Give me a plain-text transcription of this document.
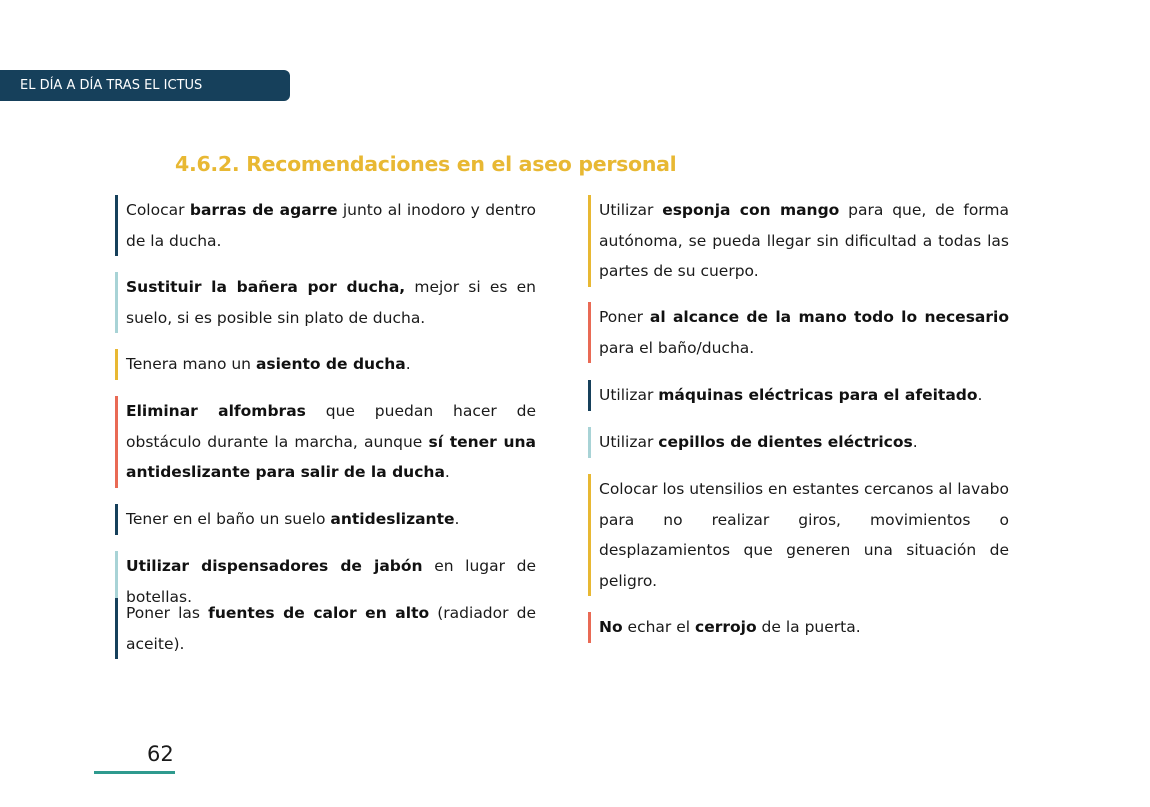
EL DÍA A DÍA TRAS EL ICTUS
4.6.2. Recomendaciones en el aseo personal
Colocar barras de agarre junto al inodoro y dentro de la ducha.
Sustituir la bañera por ducha, mejor si es en suelo, si es posible sin plato de ducha.
Tenera mano un asiento de ducha.
Eliminar alfombras que puedan hacer de obstáculo durante la marcha, aunque sí tener una antideslizante para salir de la ducha.
Tener en el baño un suelo antideslizante.
Utilizar dispensadores de jabón en lugar de botellas.
Poner las fuentes de calor en alto (radiador de aceite).
Utilizar esponja con mango para que, de forma autónoma, se pueda llegar sin dificultad a todas las partes de su cuerpo.
Poner al alcance de la mano todo lo necesario para el baño/ducha.
Utilizar máquinas eléctricas para el afeitado.
Utilizar cepillos de dientes eléctricos.
Colocar los utensilios en estantes cercanos al lavabo para no realizar giros, movimientos o desplazamientos que generen una situación de peligro.
No echar el cerrojo de la puerta.
62
